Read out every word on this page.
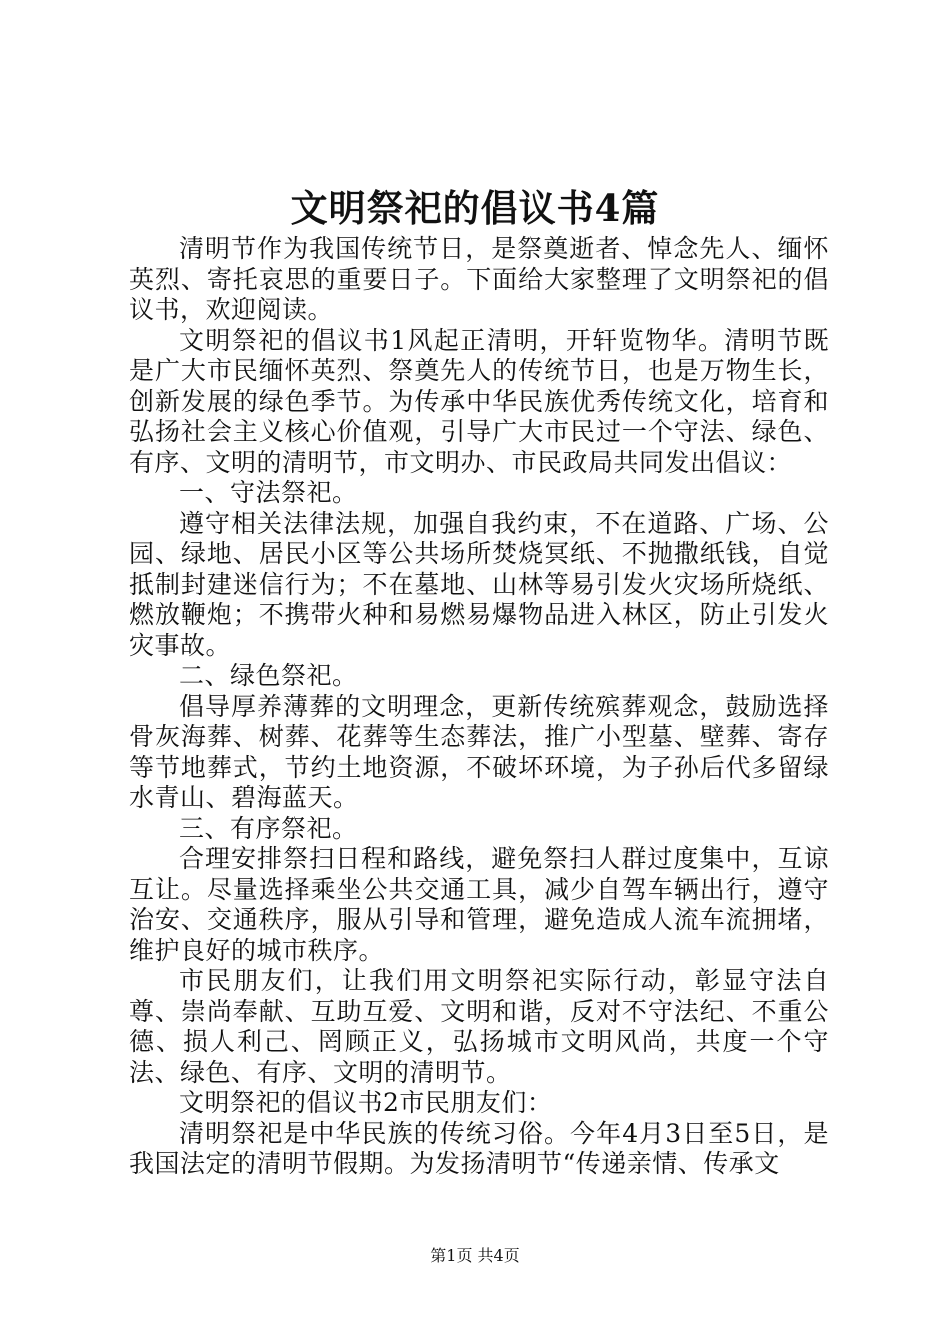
文明祭祀的倡议书4篇

清明节作为我国传统节日，是祭奠逝者、悼念先人、缅怀英烈、寄托哀思的重要日子。下面给大家整理了文明祭祀的倡议书，欢迎阅读。

文明祭祀的倡议书1风起正清明，开轩览物华。清明节既是广大市民缅怀英烈、祭奠先人的传统节日，也是万物生长，创新发展的绿色季节。为传承中华民族优秀传统文化，培育和弘扬社会主义核心价值观，引导广大市民过一个守法、绿色、有序、文明的清明节，市文明办、市民政局共同发出倡议：

一、守法祭祀。

遵守相关法律法规，加强自我约束，不在道路、广场、公园、绿地、居民小区等公共场所焚烧冥纸、不抛撒纸钱，自觉抵制封建迷信行为；不在墓地、山林等易引发火灾场所烧纸、燃放鞭炮；不携带火种和易燃易爆物品进入林区，防止引发火灾事故。

二、绿色祭祀。

倡导厚养薄葬的文明理念，更新传统殡葬观念，鼓励选择骨灰海葬、树葬、花葬等生态葬法，推广小型墓、壁葬、寄存等节地葬式，节约土地资源，不破坏环境，为子孙后代多留绿水青山、碧海蓝天。

三、有序祭祀。

合理安排祭扫日程和路线，避免祭扫人群过度集中，互谅互让。尽量选择乘坐公共交通工具，减少自驾车辆出行，遵守治安、交通秩序，服从引导和管理，避免造成人流车流拥堵，维护良好的城市秩序。

市民朋友们，让我们用文明祭祀实际行动，彰显守法自尊、崇尚奉献、互助互爱、文明和谐，反对不守法纪、不重公德、损人利己、罔顾正义，弘扬城市文明风尚，共度一个守法、绿色、有序、文明的清明节。

文明祭祀的倡议书2市民朋友们：

清明祭祀是中华民族的传统习俗。今年4月3日至5日，是我国法定的清明节假期。为发扬清明节“传递亲情、传承文

第1页 共4页
